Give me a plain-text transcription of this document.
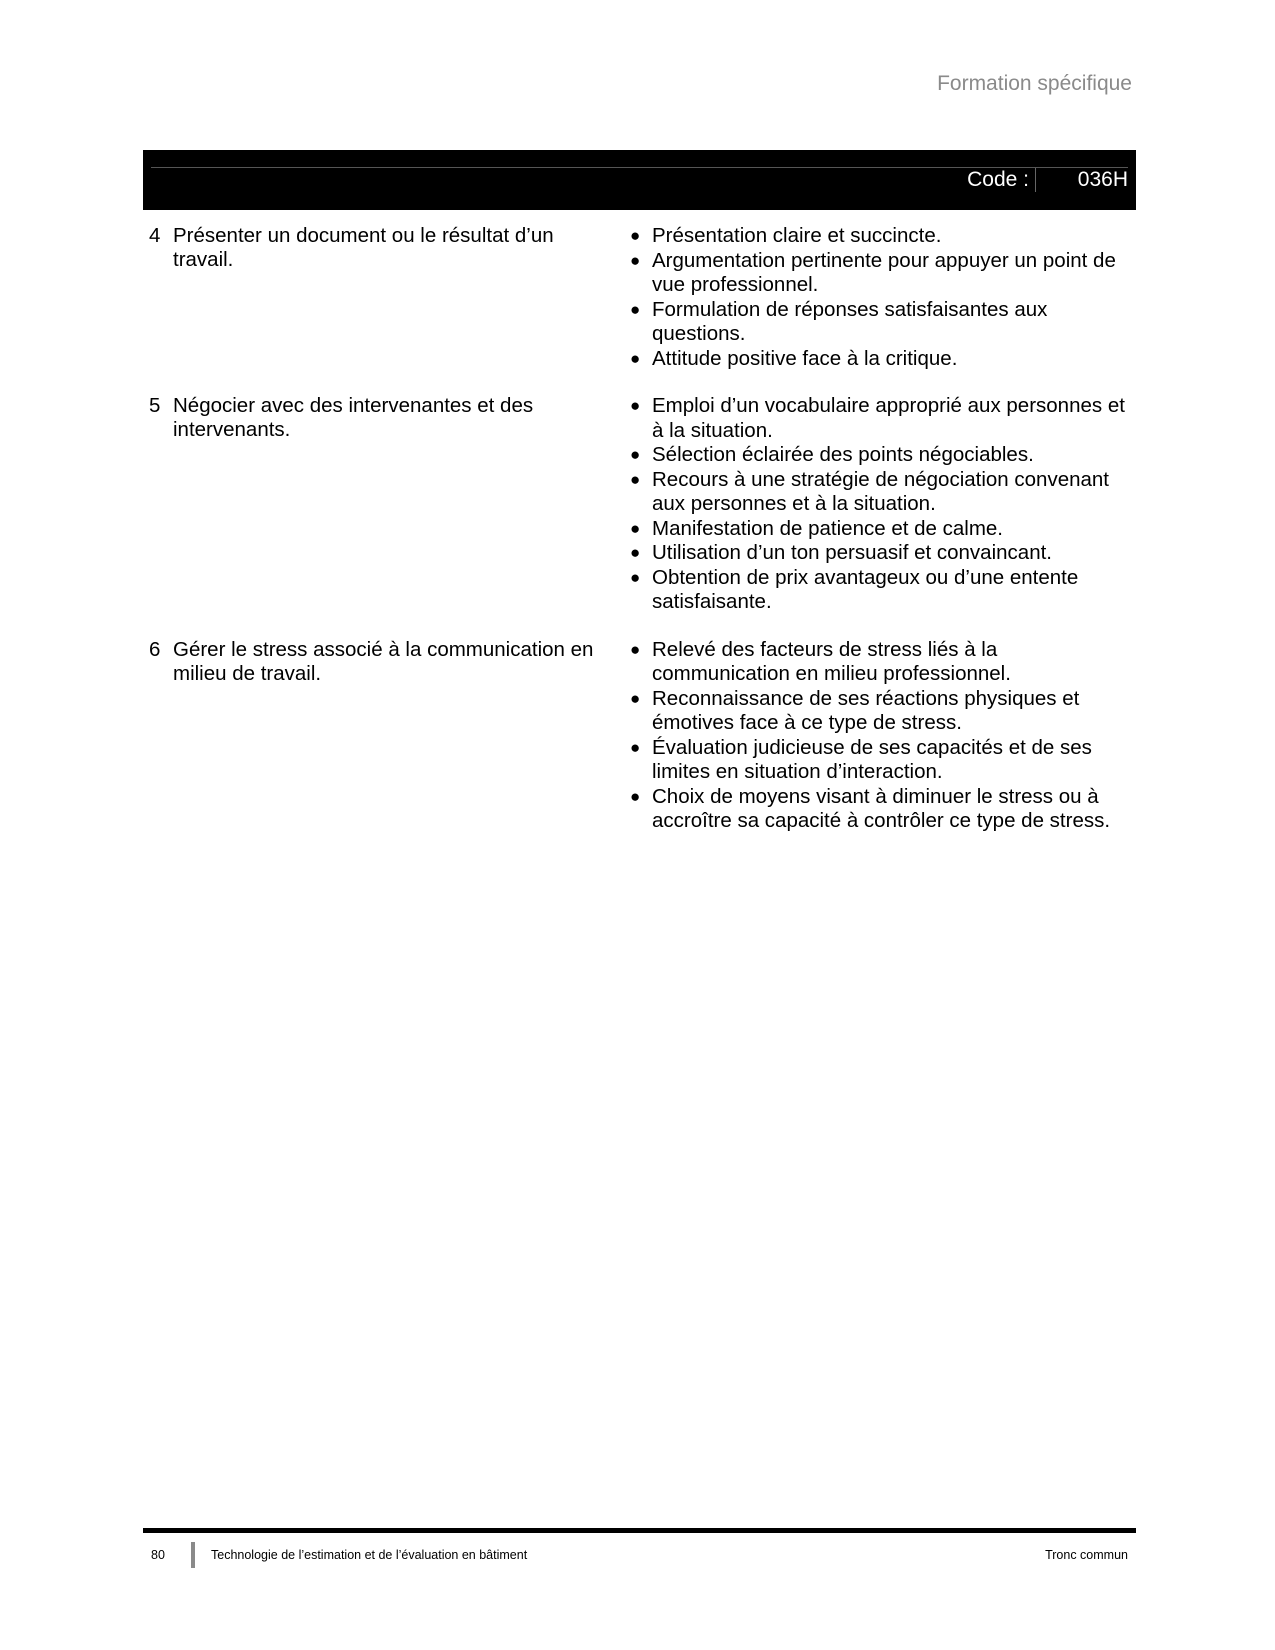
Formation spécifique
Code :	036H
4 Présenter un document ou le résultat d’un travail.
● Présentation claire et succincte.
● Argumentation pertinente pour appuyer un point de vue professionnel.
● Formulation de réponses satisfaisantes aux questions.
● Attitude positive face à la critique.
5 Négocier avec des intervenantes et des intervenants.
● Emploi d’un vocabulaire approprié aux personnes et à la situation.
● Sélection éclairée des points négociables.
● Recours à une stratégie de négociation convenant aux personnes et à la situation.
● Manifestation de patience et de calme.
● Utilisation d’un ton persuasif et convaincant.
● Obtention de prix avantageux ou d’une entente satisfaisante.
6 Gérer le stress associé à la communication en milieu de travail.
● Relevé des facteurs de stress liés à la communication en milieu professionnel.
● Reconnaissance de ses réactions physiques et émotives face à ce type de stress.
● Évaluation judicieuse de ses capacités et de ses limites en situation d’interaction.
● Choix de moyens visant à diminuer le stress ou à accroître sa capacité à contrôler ce type de stress.
80	Technologie de l’estimation et de l’évaluation en bâtiment	Tronc commun
